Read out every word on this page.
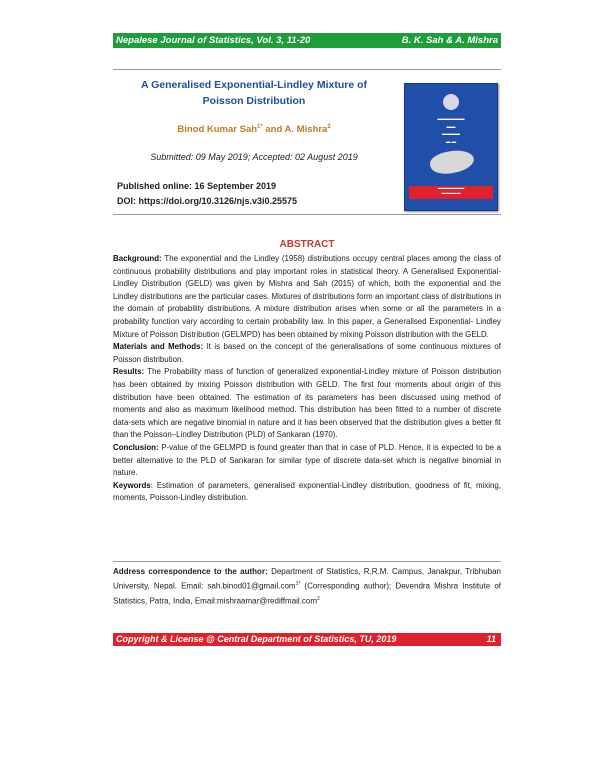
Nepalese Journal of Statistics, Vol. 3, 11-20	B. K. Sah & A. Mishra
A Generalised Exponential-Lindley Mixture of
Poisson Distribution
Binod Kumar Sah$^{1*}$ and A. Mishra$^2$
Submitted: 09 May 2019; Accepted: 02 August 2019
Published online: 16 September 2019
DOI: https://doi.org/10.3126/njs.v3i0.25575
▬▬▬▬▬▬
▬▬
▬▬▬▬
▬ ▬
▬▬▬▬▬▬▬
▬▬▬▬▬
ABSTRACT

Background: The exponential and the Lindley (1958) distributions occupy central places among the class of continuous probability distributions and play important roles in statistical theory. A Generalised Exponential-Lindley Distribution (GELD) was given by Mishra and Sah (2015) of which, both the exponential and the Lindley distributions are the particular cases. Mixtures of distributions form an important class of distributions in the domain of probability distributions. A mixture distribution arises when some or all the parameters in a probability function vary according to certain probability law. In this paper, a Generalised Exponential- Lindley Mixture of Poisson Distribution (GELMPD) has been obtained by mixing Poisson distribution with the GELD.

Materials and Methods: It is based on the concept of the generalisations of some continuous mixtures of Poisson distribution.

Results: The Probability mass of function of generalized exponential-Lindley mixture of Poisson distribution has been obtained by mixing Poisson distribution with GELD. The first four moments about origin of this distribution have been obtained. The estimation of its parameters has been discussed using method of moments and also as maximum likelihood method. This distribution has been fitted to a number of discrete data-sets which are negative binomial in nature and it has been observed that the distribution gives a better fit than the Poisson–Lindley Distribution (PLD) of Sankaran (1970).

Conclusion: P-value of the GELMPD is found greater than that in case of PLD. Hence, it is expected to be a better alternative to the PLD of Sankaran for similar type of discrete data-set which is negative binomial in nature.

Keywords: Estimation of parameters, generalised exponential-Lindley distribution, goodness of fit, mixing, moments, Poisson-Lindley distribution.

Address correspondence to the author: Department of Statistics, R.R.M. Campus, Janakpur, Tribhuban University, Nepal. Email: sah.binod01@gmail.com$^{1*}$ (Corresponding author); Devendra Mishra Institute of Statistics, Patra, India, Email:mishraamar@rediffmail.com$^2$
Copyright & License @ Central Department of Statistics, TU, 2019	11
